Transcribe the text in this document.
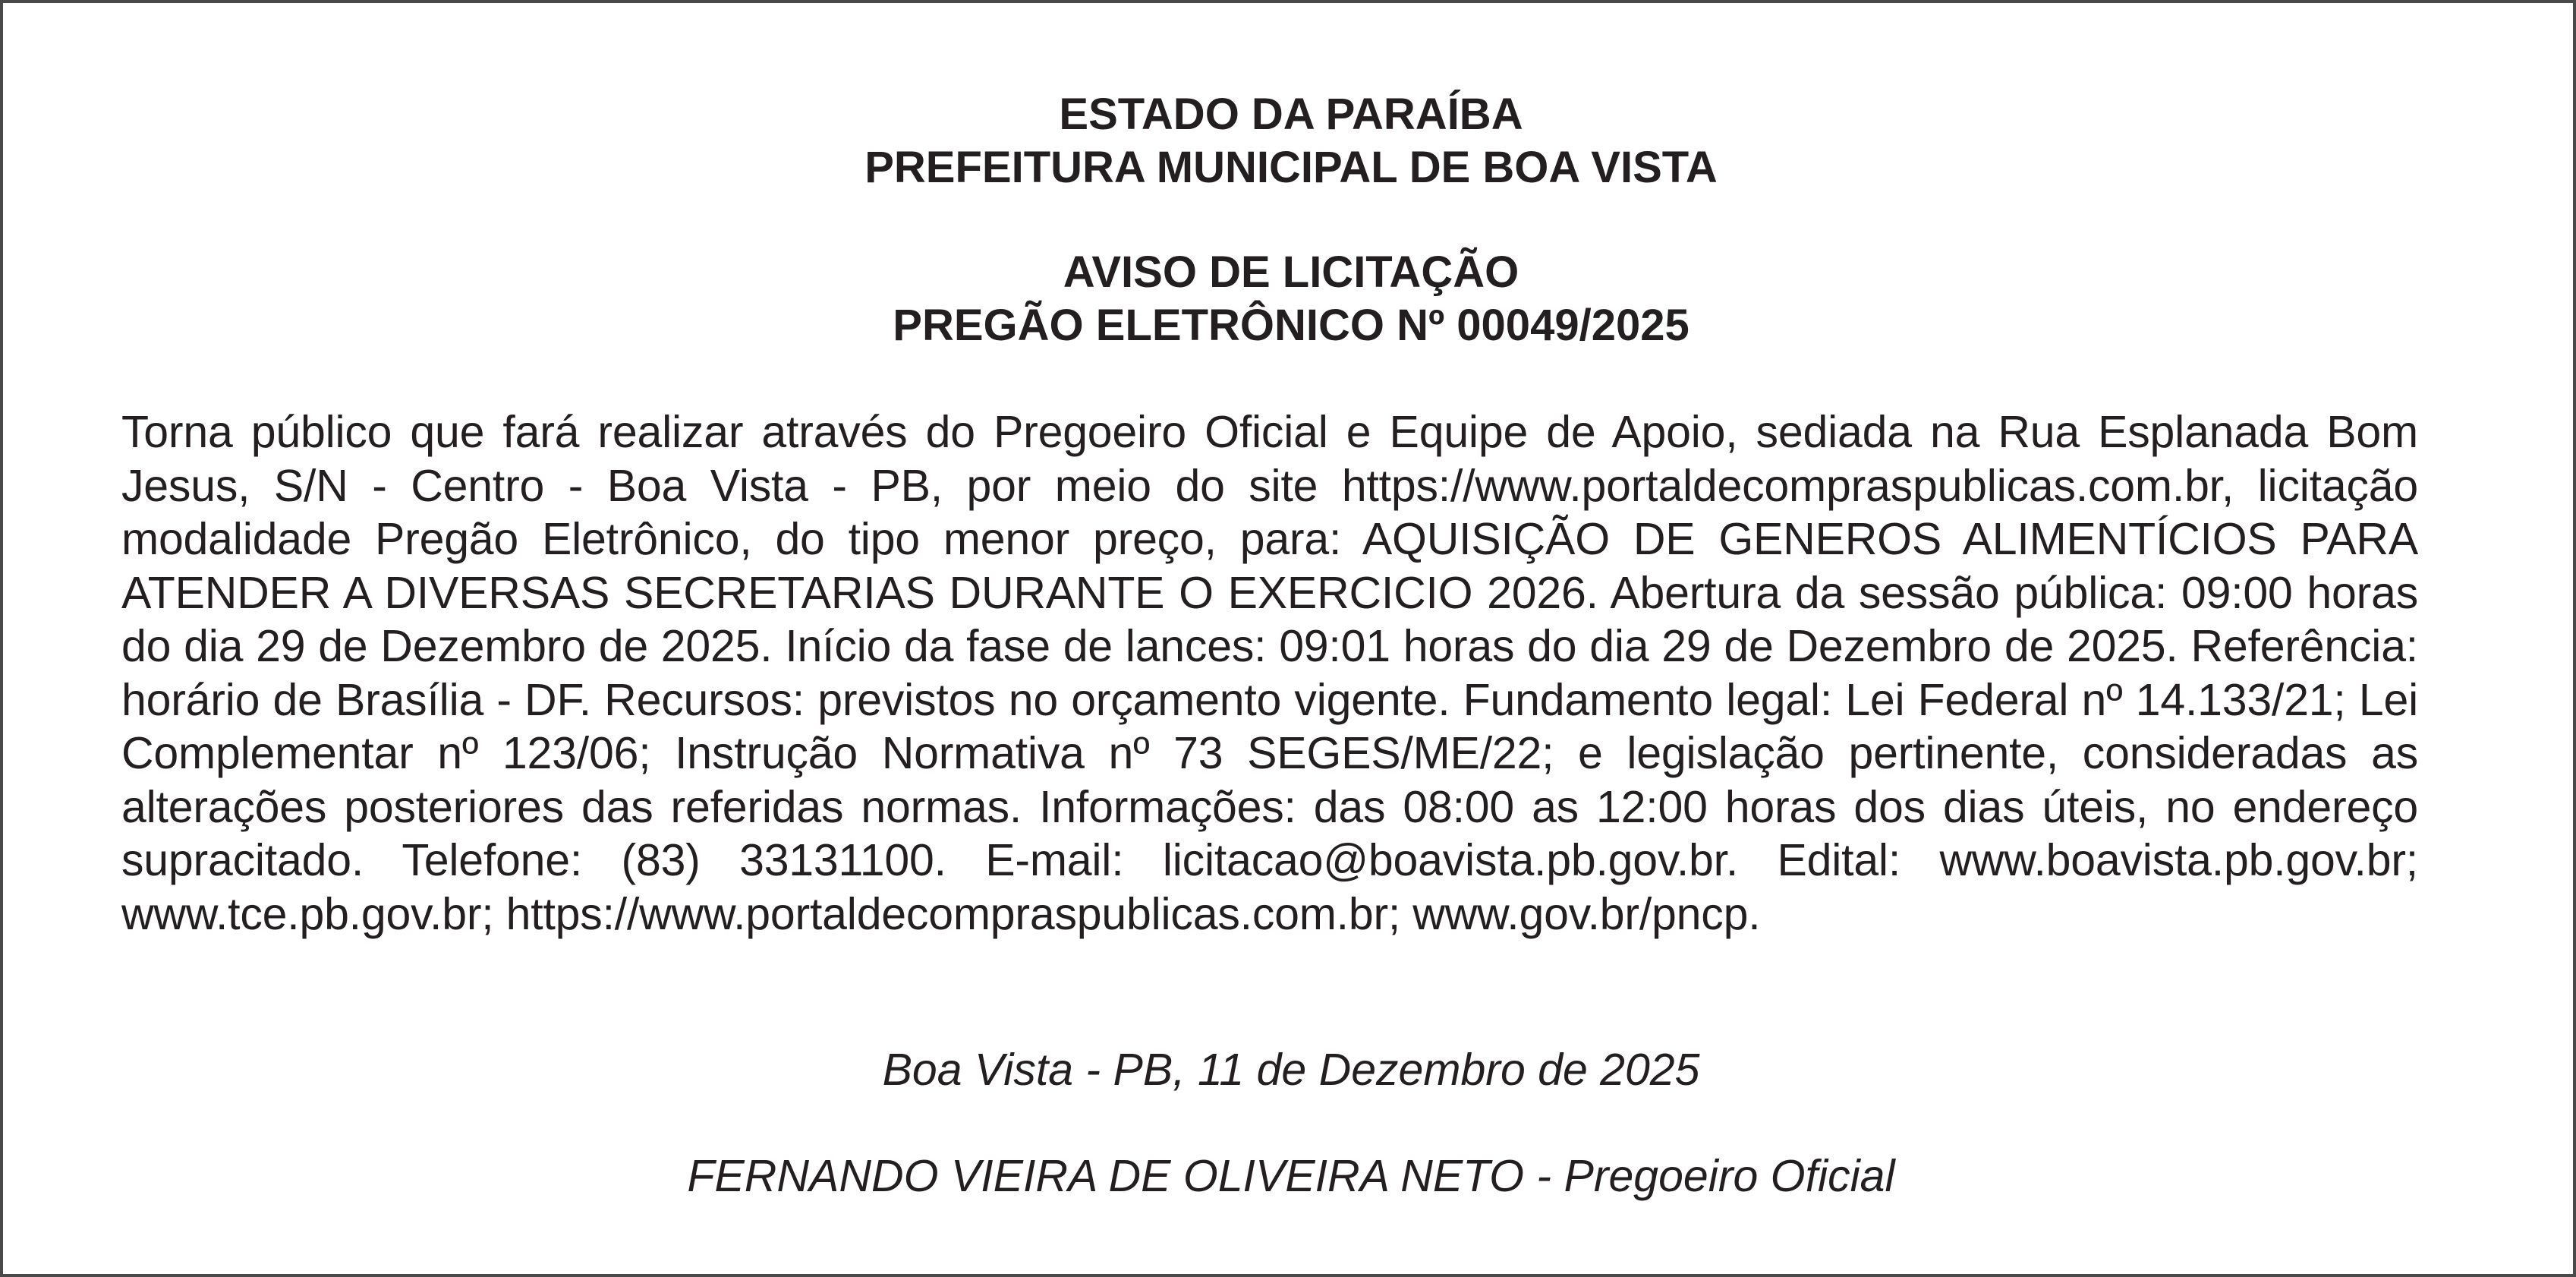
ESTADO DA PARAÍBA

PREFEITURA MUNICIPAL DE BOA VISTA

AVISO DE LICITAÇÃO

PREGÃO ELETRÔNICO Nº 00049/2025

Torna público que fará realizar através do Pregoeiro Oficial e Equipe de Apoio, sediada na Rua Esplanada Bom Jesus, S/N - Centro - Boa Vista - PB, por meio do site https://www.portaldecompraspublicas.com.br, licitação modalidade Pregão Eletrônico, do tipo menor preço, para: AQUISIÇÃO DE GENEROS ALIMENTÍCIOS PARA ATENDER A DIVERSAS SECRETARIAS DURANTE O EXERCICIO 2026. Abertura da sessão pública: 09:00 horas do dia 29 de Dezembro de 2025. Início da fase de lances: 09:01 horas do dia 29 de Dezembro de 2025. Referência: horário de Brasília - DF. Recursos: previstos no orçamento vigente. Fundamento legal: Lei Federal nº 14.133/21; Lei Complementar nº 123/06; Instrução Normativa nº 73 SEGES/ME/22; e legislação pertinente, consideradas as alterações posteriores das referidas normas. Informações: das 08:00 as 12:00 horas dos dias úteis, no endereço supracitado. Telefone: (83) 33131100. E-mail: licitacao@boavista.pb.gov.br. Edital: www.boavista.pb.gov.br; www.tce.pb.gov.br; https://www.portaldecompraspublicas.com.br; www.gov.br/pncp.

Boa Vista - PB, 11 de Dezembro de 2025

FERNANDO VIEIRA DE OLIVEIRA NETO - Pregoeiro Oficial
